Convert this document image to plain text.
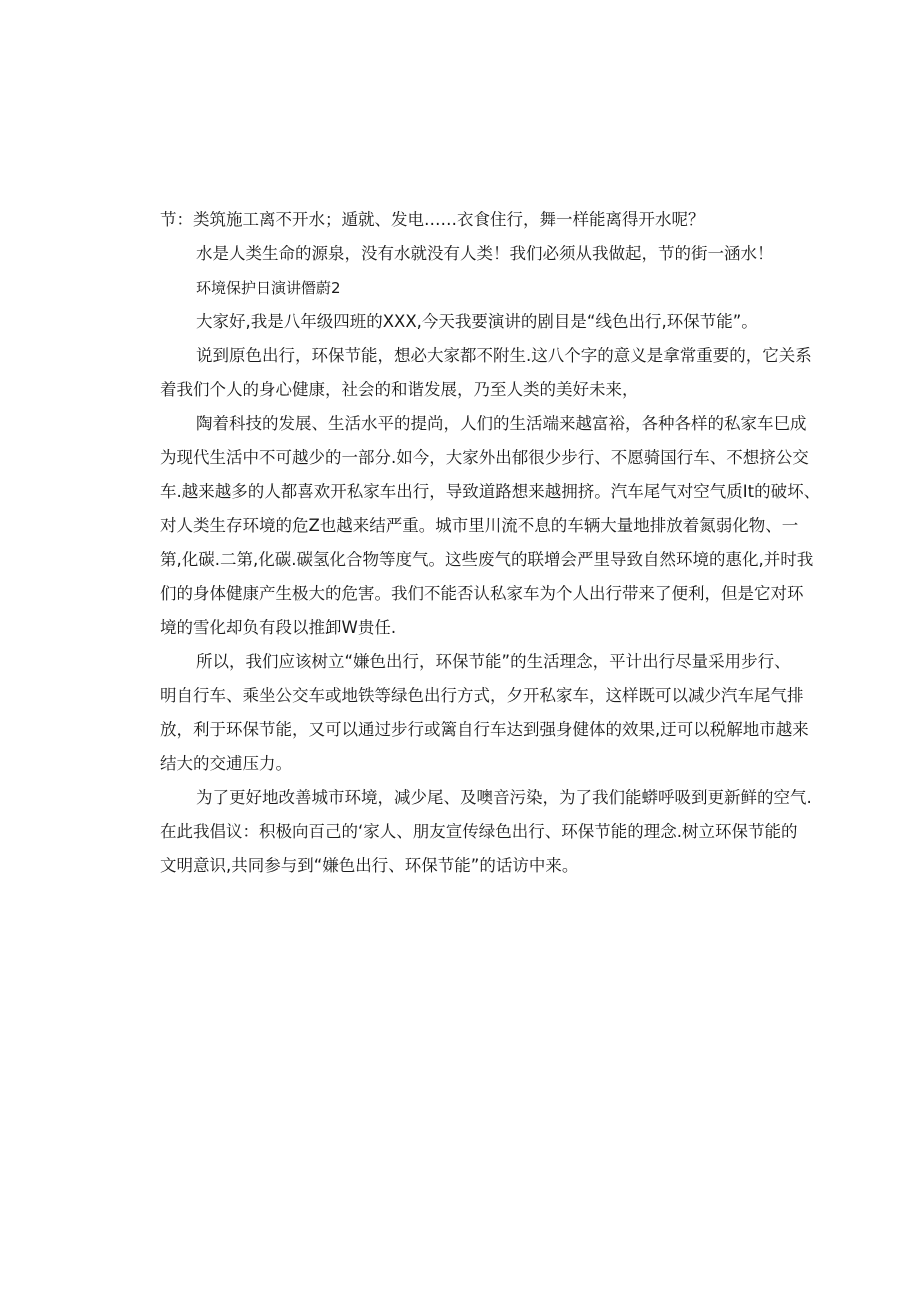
节：类筑施工离不开水；遁就、发电……衣食住行，舞一样能离得开水呢？

水是人类生命的源泉，没有水就没有人类！我们必须从我做起，节的街一涵水！

环境保护日演讲僭蔚2

大家好,我是八年级四班的XXX,今天我要演讲的剧目是“线色出行,环保节能”。

说到原色出行，环保节能，想必大家都不附生.这八个字的意义是拿常重要的，它关系

着我们个人的身心健康，社会的和谐发展，乃至人类的美好未来，

陶着科技的发展、生活水平的提尚，人们的生活端来越富裕，各种各样的私家车巳成

为现代生活中不可越少的一部分.如今，大家外出郁很少步行、不愿骑国行车、不想挤公交

车.越来越多的人都喜欢开私家车出行，导致道路想来越拥挤。汽车尾气对空气质It的破坏、

对人类生存环境的危Z也越来结严重。城市里川流不息的车辆大量地排放着氮弱化物、一

第,化碳.二第,化碳.碳氢化合物等度气。这些废气的联增会严里导致自然环境的惠化,并时我

们的身体健康产生极大的危害。我们不能否认私家车为个人出行带来了便利，但是它对环

境的雪化却负有段以推卸W贵任.

所以，我们应该树立“嫌色出行，环保节能”的生活理念，平计出行尽量采用步行、

明自行车、乘坐公交车或地铁等绿色出行方式，夕开私家车，这样既可以减少汽车尾气排

放，利于环保节能，又可以通过步行或篱自行车达到强身健体的效果,迂可以税解地市越来

结大的交逋压力。

为了更好地改善城市环境，减少尾、及噢音污染，为了我们能蟒呼吸到更新鲜的空气.

在此我倡议：积极向百己的‘家人、朋友宣传绿色出行、环保节能的理念.树立环保节能的

文明意识,共同参与到“嫌色出行、环保节能”的话访中来。
